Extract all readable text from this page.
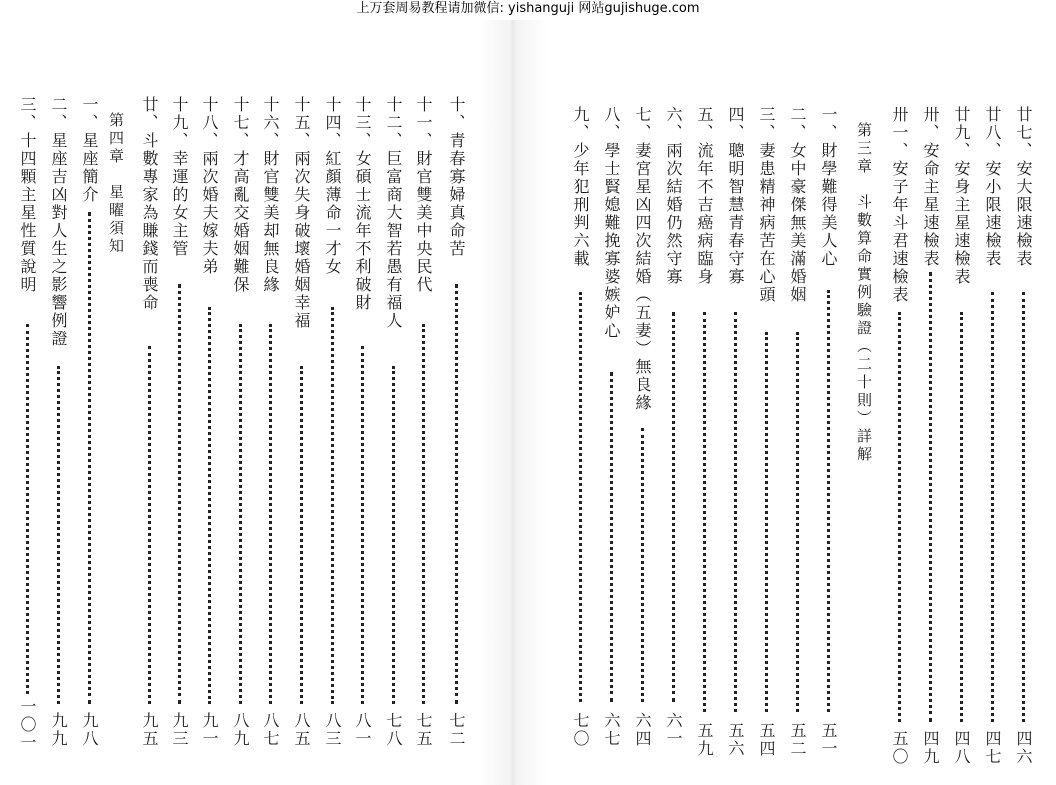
上万套周易教程请加微信: yishanguji 网站gujishuge.com
十、青春寡婦真命苦
七二
十一、財官雙美中央民代
七五
十二、巨富商大智若愚有福人
七八
十三、女碩士流年不利破財
八一
十四、紅顏薄命一才女
八三
十五、兩次失身破壞婚姻幸福
八五
十六、財官雙美却無良緣
八七
十七、才高亂交婚姻難保
八九
十八、兩次婚夫嫁夫弟
九一
十九、幸運的女主管
九三
廿、斗數專家為賺錢而喪命
九五
第四章　星曜須知
一、星座簡介
九八
二、星座吉凶對人生之影響例證
九九
三、十四顆主星性質說明
一〇一
廿七、安大限速檢表
四六
廿八、安小限速檢表
四七
廿九、安身主星速檢表
四八
卅、安命主星速檢表
四九
卅一、安子年斗君速檢表
五〇
第三章　斗數算命實例驗證（二十則）詳解
一、財學難得美人心
五一
二、女中豪傑無美滿婚姻
五二
三、妻患精神病苦在心頭
五四
四、聰明智慧青春守寡
五六
五、流年不吉癌病臨身
五九
六、兩次結婚仍然守寡
六一
七、妻宮星凶四次結婚（五妻）無良緣
六四
八、學士賢媳難挽寡婆嫉妒心
六七
九、少年犯刑判六載
七〇
